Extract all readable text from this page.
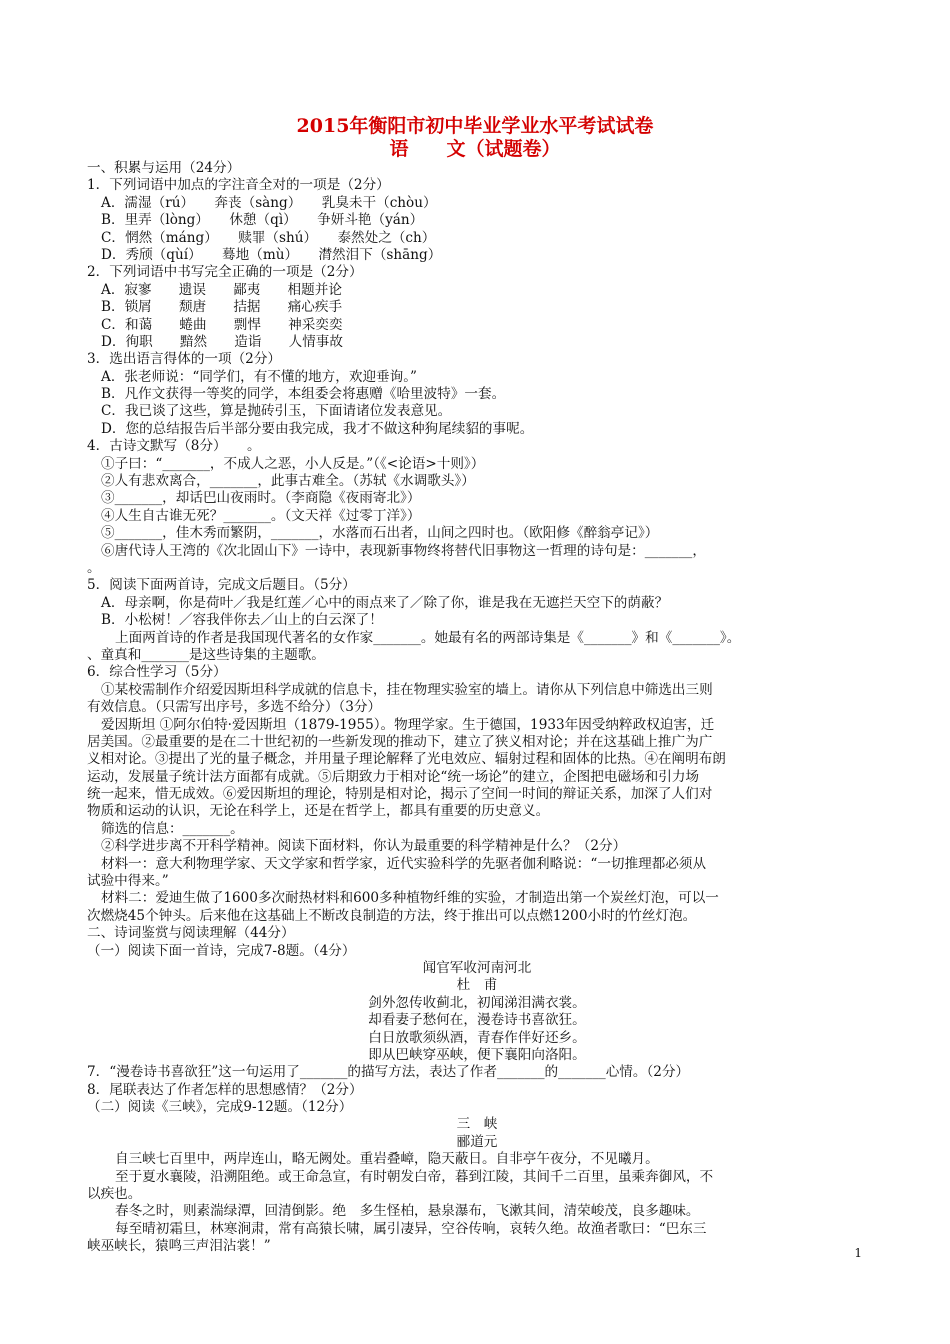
2015年衡阳市初中毕业学业水平考试试卷
语　　文（试题卷）
一、积累与运用（24分）
1．下列词语中加点的字注音全对的一项是（2分）
A．濡湿（rú）　　奔丧（sàng）　　乳臭未干（chòu）
B．里弄（lòng）　　休憩（qì）　　争妍斗艳（yán）
C．惘然（máng）　　赎罪（shú）　　泰然处之（ch）
D．秀颀（qùí）　　蓦地（mù）　　潸然泪下（shāng）
2．下列词语中书写完全正确的一项是（2分）
A．寂寥　　遗误　　鄙夷　　相题并论
B．锁屑　　颓唐　　拮据　　痛心疾手
C．和蔼　　蜷曲　　剽悍　　神采奕奕
D．徇职　　黯然　　造诣　　人情事故
3．选出语言得体的一项（2分）
A．张老师说：“同学们，有不懂的地方，欢迎垂询。”
B．凡作文获得一等奖的同学，本组委会将惠赠《哈里波特》一套。
C．我已谈了这些，算是抛砖引玉，下面请诸位发表意见。
D．您的总结报告后半部分要由我完成，我才不做这种狗尾续貂的事呢。
4．古诗文默写（8分）　　。
①子曰：“_______，不成人之恶，小人反是。”（《<论语>十则》）
②人有悲欢离合，_______，此事古难全。（苏轼《水调歌头》）
③_______，却话巴山夜雨时。（李商隐《夜雨寄北》）
④人生自古谁无死？_______。（文天祥《过零丁洋》）
⑤_______，佳木秀而繁阴，_______，水落而石出者，山间之四时也。（欧阳修《醉翁亭记》）
⑥唐代诗人王湾的《次北固山下》一诗中，表现新事物终将替代旧事物这一哲理的诗句是：_______，
。
5．阅读下面两首诗，完成文后题目。（5分）
A．母亲啊，你是荷叶／我是红莲／心中的雨点来了／除了你，谁是我在无遮拦天空下的荫蔽？
B．小松树！／容我伴你去／山上的白云深了！
上面两首诗的作者是我国现代著名的女作家_______。她最有名的两部诗集是《_______》和《_______》。
、童真和_______是这些诗集的主题歌。
6．综合性学习（5分）
①某校需制作介绍爱因斯坦科学成就的信息卡，挂在物理实验室的墙上。请你从下列信息中筛选出三则
有效信息。（只需写出序号，多选不给分）（3分）
爱因斯坦 ①阿尔伯特·爱因斯坦（1879-1955）。物理学家。生于德国，1933年因受纳粹政权迫害，迁
居美国。②最重要的是在二十世纪初的一些新发现的推动下，建立了狭义相对论；并在这基础上推广为广
义相对论。③提出了光的量子概念，并用量子理论解释了光电效应、辐射过程和固体的比热。④在阐明布朗
运动，发展量子统计法方面都有成就。⑤后期致力于相对论“统一场论”的建立，企图把电磁场和引力场
统一起来，惜无成效。⑥爱因斯坦的理论，特别是相对论，揭示了空间一时间的辩证关系，加深了人们对
物质和运动的认识，无论在科学上，还是在哲学上，都具有重要的历史意义。
筛选的信息：_______。
②科学进步离不开科学精神。阅读下面材料，你认为最重要的科学精神是什么？（2分）
材料一：意大利物理学家、天文学家和哲学家，近代实验科学的先驱者伽利略说：“一切推理都必须从
试验中得来。”
材料二：爱迪生做了1600多次耐热材料和600多种植物纤维的实验，才制造出第一个炭丝灯泡，可以一
次燃烧45个钟头。后来他在这基础上不断改良制造的方法，终于推出可以点燃1200小时的竹丝灯泡。
二、诗词鉴赏与阅读理解（44分）
（一）阅读下面一首诗，完成7-8题。（4分）
闻官军收河南河北
杜　甫
剑外忽传收蓟北，初闻涕泪满衣裳。
却看妻子愁何在，漫卷诗书喜欲狂。
白日放歌须纵酒，青春作伴好还乡。
即从巴峡穿巫峡，便下襄阳向洛阳。
7．“漫卷诗书喜欲狂”这一句运用了_______的描写方法，表达了作者_______的_______心情。（2分）
8．尾联表达了作者怎样的思想感情？（2分）
（二）阅读《三峡》，完成9-12题。（12分）
三　峡
郦道元
自三峡七百里中，两岸连山，略无阙处。重岩叠嶂，隐天蔽日。自非亭午夜分，不见曦月。
至于夏水襄陵，沿溯阻绝。或王命急宣，有时朝发白帝，暮到江陵，其间千二百里，虽乘奔御风，不
以疾也。
春冬之时，则素湍绿潭，回清倒影。绝　多生怪柏，悬泉瀑布，飞漱其间，清荣峻茂，良多趣味。
每至晴初霜旦，林寒涧肃，常有高猿长啸，属引凄异，空谷传响，哀转久绝。故渔者歌曰：“巴东三
峡巫峡长，猿鸣三声泪沾裳！”	1
